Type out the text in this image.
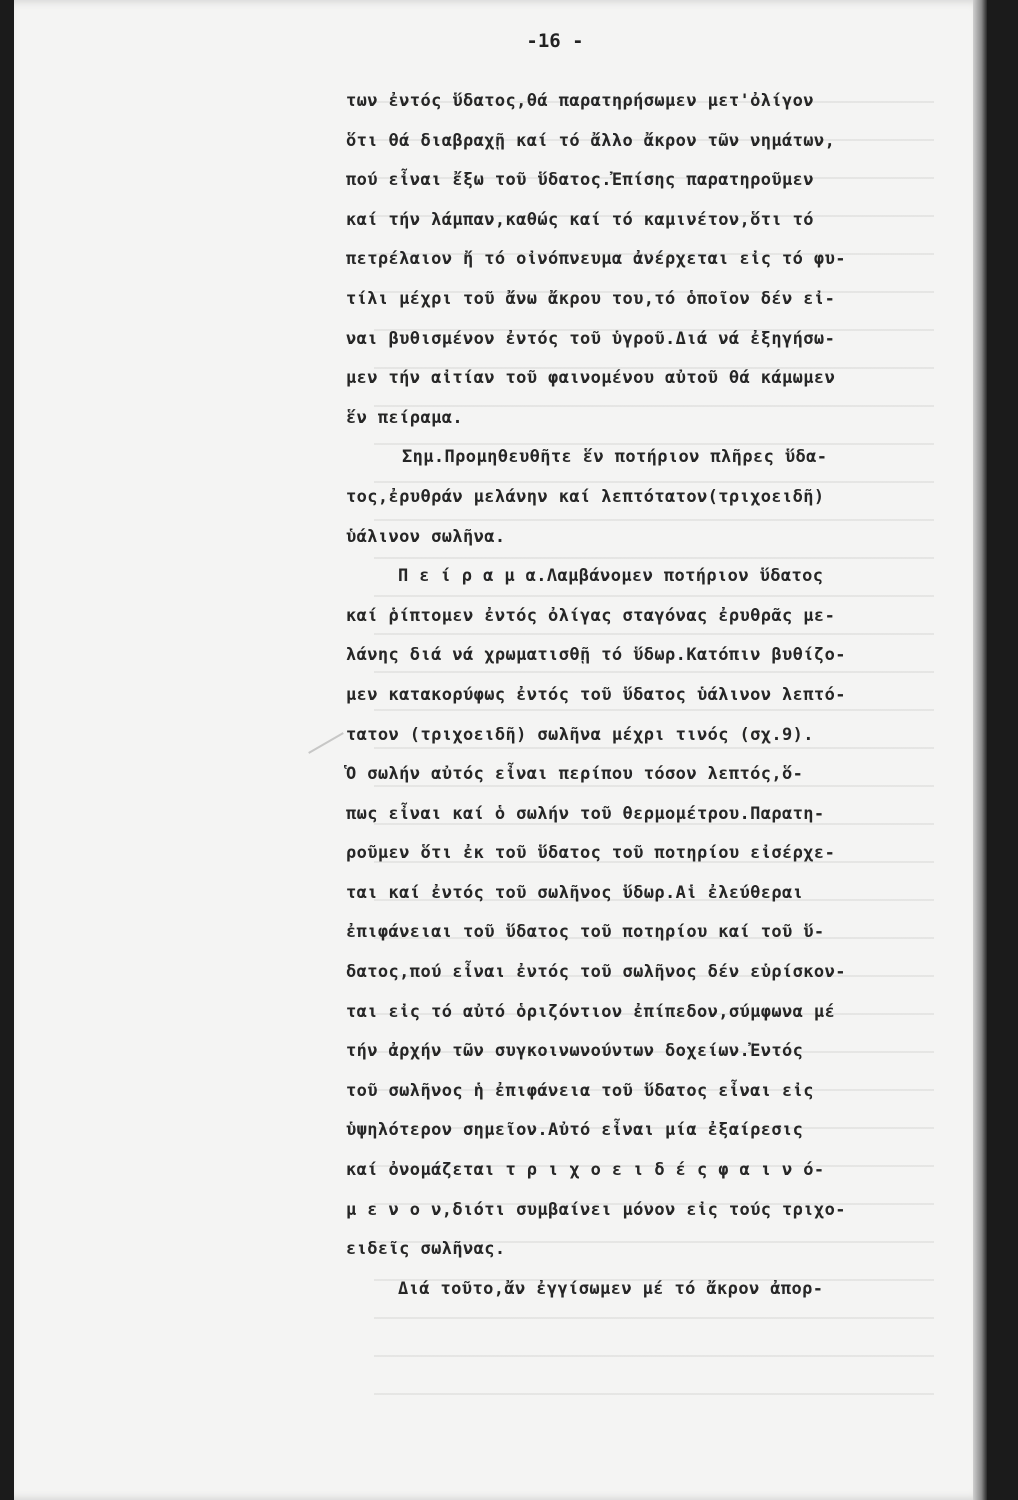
-16 -
των ἐντός ὕδατος,θά παρατηρήσωμεν μετ'ὀλίγον
ὅτι θά διαβραχῇ καί τό ἄλλο ἄκρον τῶν νημάτων,
πού εἶναι ἔξω τοῦ ὕδατος.Ἐπίσης παρατηροῦμεν
καί τήν λάμπαν,καθώς καί τό καμινέτον,ὅτι τό
πετρέλαιον ἤ τό οἰνόπνευμα ἀνέρχεται εἰς τό φυ-
τίλι μέχρι τοῦ ἄνω ἄκρου του,τό ὁποῖον δέν εἰ-
ναι βυθισμένον ἐντός τοῦ ὑγροῦ.Διά νά ἐξηγήσω-
μεν τήν αἰτίαν τοῦ φαινομένου αὐτοῦ θά κάμωμεν
ἕν πείραμα.
Σημ.Προμηθευθῆτε ἕν ποτήριον πλῆρες ὕδα-
τος,ἐρυθράν μελάνην καί λεπτότατον(τριχοειδῆ)
ὑάλινον σωλῆνα.
Π ε ί ρ α μ α.Λαμβάνομεν ποτήριον ὕδατος
καί ῥίπτομεν ἐντός ὀλίγας σταγόνας ἐρυθρᾶς με-
λάνης διά νά χρωματισθῇ τό ὕδωρ.Κατόπιν βυθίζο-
μεν κατακορύφως ἐντός τοῦ ὕδατος ὑάλινον λεπτό-
τατον (τριχοειδῆ) σωλῆνα μέχρι τινός (σχ.9).
Ὁ σωλήν αὐτός εἶναι περίπου τόσον λεπτός,ὅ-
πως εἶναι καί ὁ σωλήν τοῦ θερμομέτρου.Παρατη-
ροῦμεν ὅτι ἐκ τοῦ ὕδατος τοῦ ποτηρίου εἰσέρχε-
ται καί ἐντός τοῦ σωλῆνος ὕδωρ.Αἱ ἐλεύθεραι
ἐπιφάνειαι τοῦ ὕδατος τοῦ ποτηρίου καί τοῦ ὕ-
δατος,πού εἶναι ἐντός τοῦ σωλῆνος δέν εὑρίσκον-
ται εἰς τό αὐτό ὁριζόντιον ἐπίπεδον,σύμφωνα μέ
τήν ἀρχήν τῶν συγκοινωνούντων δοχείων.Ἐντός
τοῦ σωλῆνος ἡ ἐπιφάνεια τοῦ ὕδατος εἶναι εἰς
ὑψηλότερον σημεῖον.Αὐτό εἶναι μία ἐξαίρεσις
καί ὀνομάζεται τ ρ ι χ ο ε ι δ έ ς φ α ι ν ό-
μ ε ν ο ν,διότι συμβαίνει μόνον εἰς τούς τριχο-
ειδεῖς σωλῆνας.
Διά τοῦτο,ἄν ἐγγίσωμεν μέ τό ἄκρον ἀπορ-
